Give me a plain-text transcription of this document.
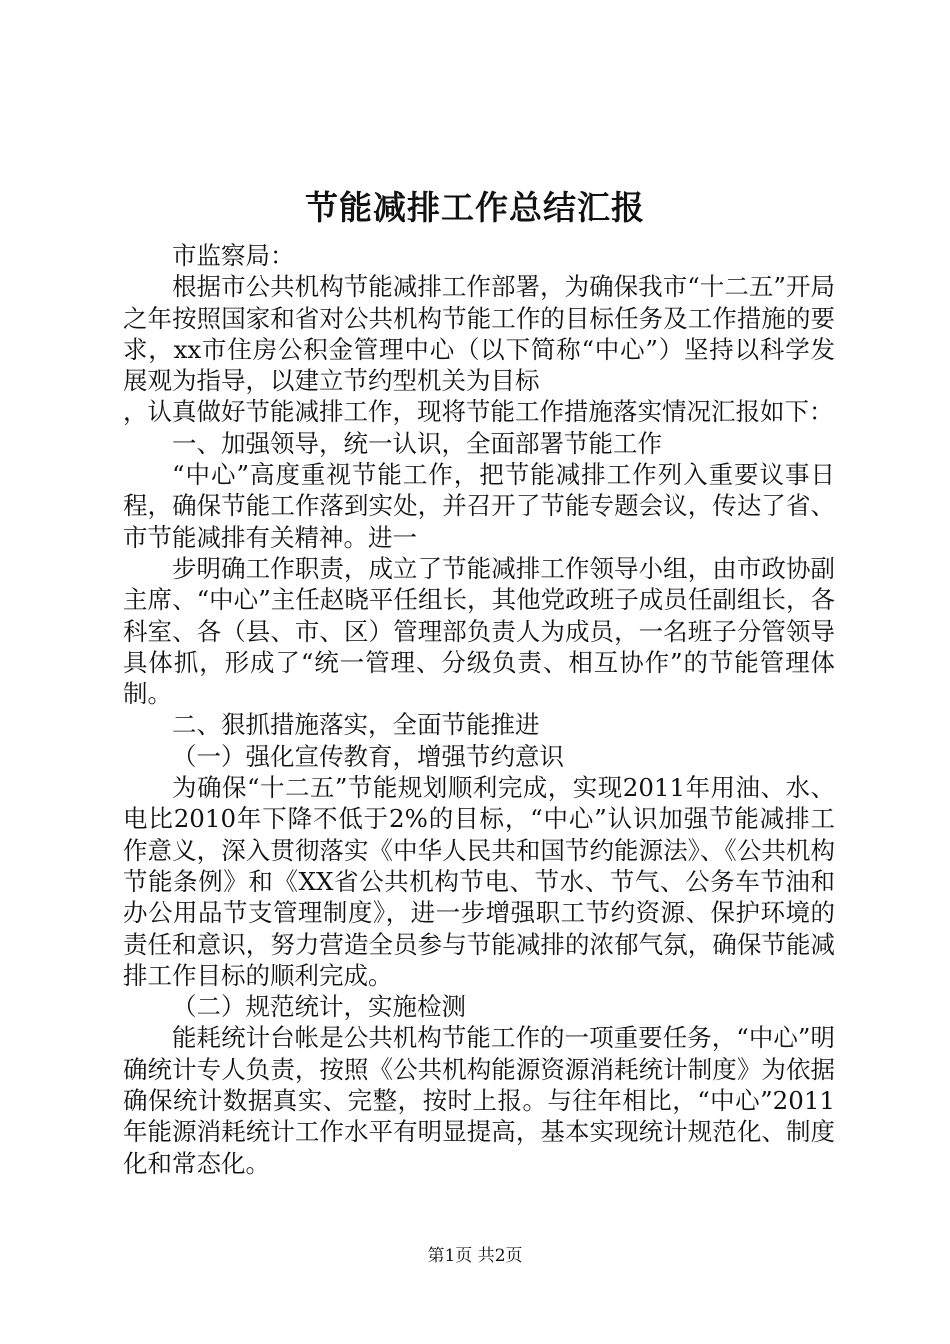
节能减排工作总结汇报

市监察局：

根据市公共机构节能减排工作部署，为确保我市“十二五”开局之年按照国家和省对公共机构节能工作的目标任务及工作措施的要求，xx市住房公积金管理中心（以下简称“中心”）坚持以科学发展观为指导，以建立节约型机关为目标

，认真做好节能减排工作，现将节能工作措施落实情况汇报如下：

一、加强领导，统一认识，全面部署节能工作

“中心”高度重视节能工作，把节能减排工作列入重要议事日程，确保节能工作落到实处，并召开了节能专题会议，传达了省、市节能减排有关精神。进一

步明确工作职责，成立了节能减排工作领导小组，由市政协副主席、“中心”主任赵晓平任组长，其他党政班子成员任副组长，各科室、各（县、市、区）管理部负责人为成员，一名班子分管领导具体抓，形成了“统一管理、分级负责、相互协作”的节能管理体制。

二、狠抓措施落实，全面节能推进

（一）强化宣传教育，增强节约意识

为确保“十二五”节能规划顺利完成，实现2011年用油、水、电比2010年下降不低于2%的目标，“中心”认识加强节能减排工作意义，深入贯彻落实《中华人民共和国节约能源法》、《公共机构节能条例》和《XX省公共机构节电、节水、节气、公务车节油和办公用品节支管理制度》，进一步增强职工节约资源、保护环境的责任和意识，努力营造全员参与节能减排的浓郁气氛，确保节能减排工作目标的顺利完成。

（二）规范统计，实施检测

能耗统计台帐是公共机构节能工作的一项重要任务，“中心”明确统计专人负责，按照《公共机构能源资源消耗统计制度》为依据确保统计数据真实、完整，按时上报。与往年相比，“中心”2011年能源消耗统计工作水平有明显提高，基本实现统计规范化、制度化和常态化。

第1页 共2页
